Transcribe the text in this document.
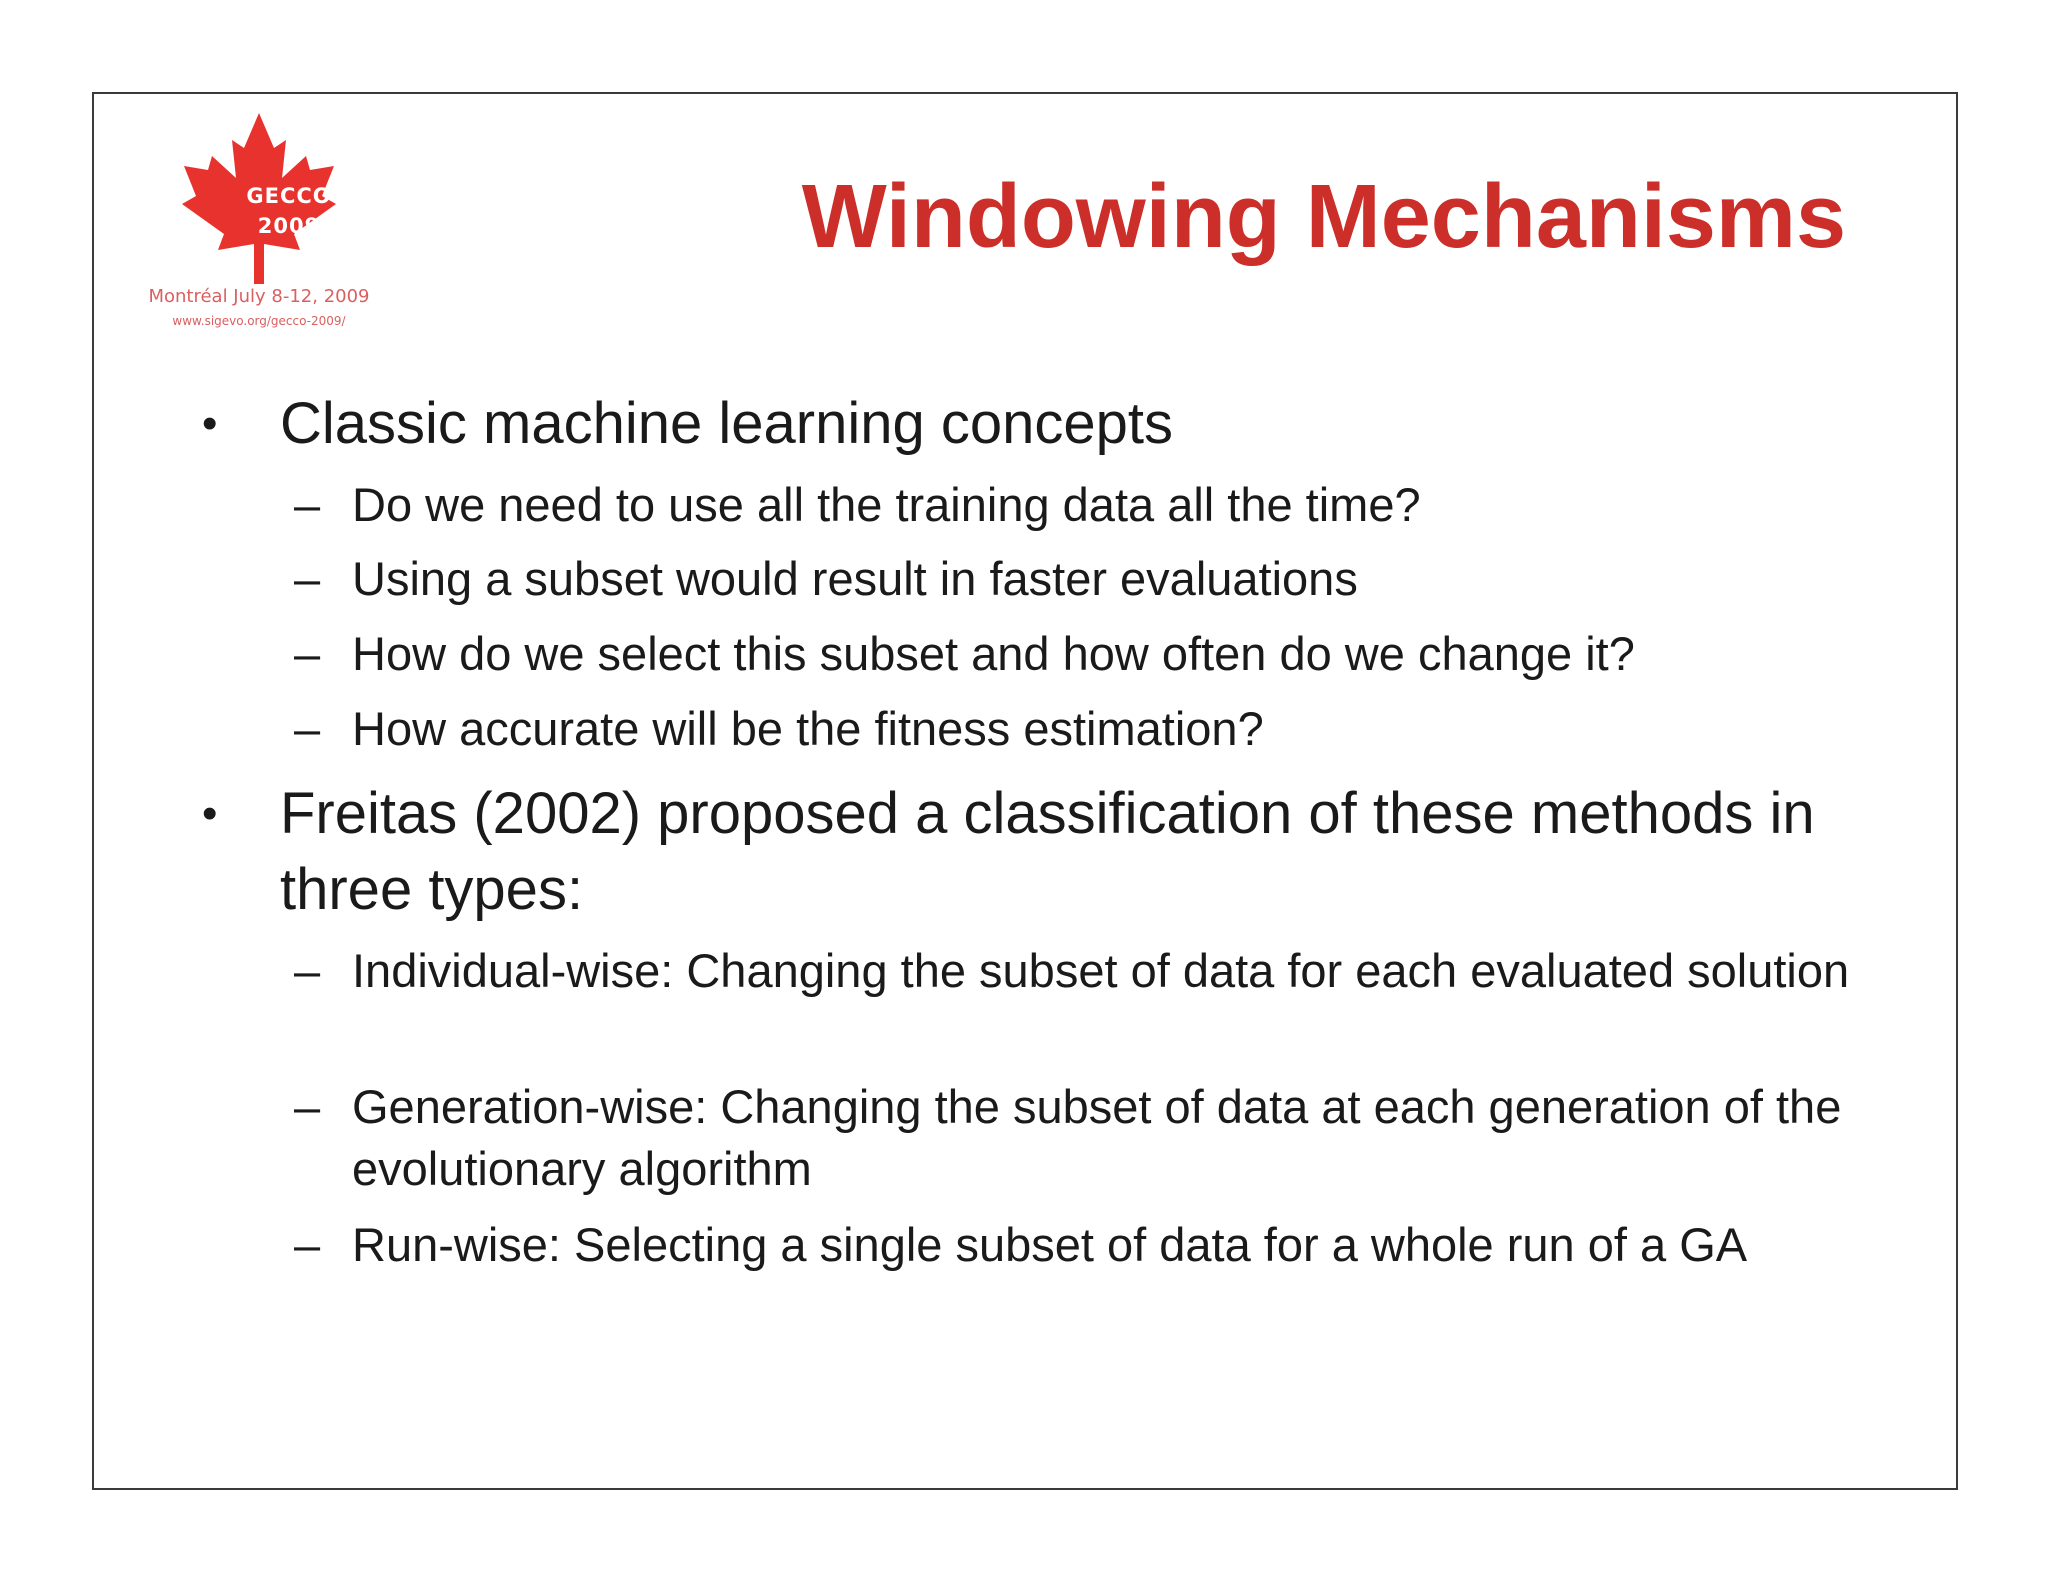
GECCO
2009
Montréal July 8-12, 2009
www.sigevo.org/gecco-2009/
Windowing Mechanisms
• Classic machine learning concepts
– Do we need to use all the training data all the time?
– Using a subset would result in faster evaluations
– How do we select this subset and how often do we change it?
– How accurate will be the fitness estimation?
• Freitas (2002) proposed a classification of these methods in three types:
– Individual-wise: Changing the subset of data for each evaluated solution
– Generation-wise: Changing the subset of data at each generation of the evolutionary algorithm
– Run-wise: Selecting a single subset of data for a whole run of a GA
